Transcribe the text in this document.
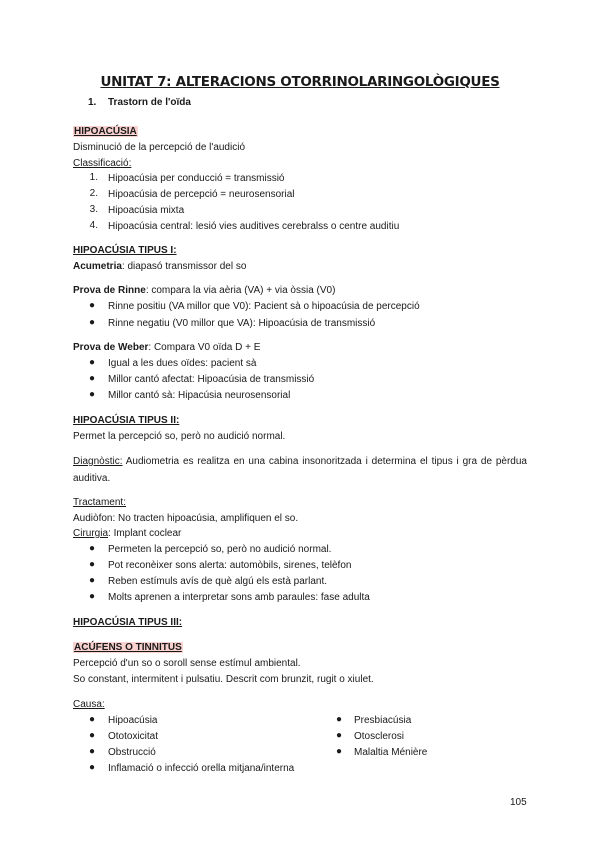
UNITAT 7: ALTERACIONS OTORRINOLARINGOLÒGIQUES
1. Trastorn de l'oïda
HIPOACÚSIA
Disminució de la percepció de l'audició
Classificació:
1. Hipoacúsia per conducció = transmissió
2. Hipoacúsia de percepció = neurosensorial
3. Hipoacúsia mixta
4. Hipoacúsia central: lesió vies auditives cerebralss o centre auditiu
HIPOACÚSIA TIPUS I:
Acumetria: diapasó transmissor del so
Prova de Rinne: compara la via aèria (VA) + via òssia (V0)
● Rinne positiu (VA millor que V0): Pacient sà o hipoacúsia de percepció
● Rinne negatiu (V0 millor que VA): Hipoacúsia de transmissió
Prova de Weber: Compara V0 oïda D + E
● Igual a les dues oïdes: pacient sà
● Millor cantó afectat: Hipoacúsia de transmissió
● Millor cantó sà: Hipacúsia neurosensorial
HIPOACÚSIA TIPUS II:
Permet la percepció so, però no audició normal.
Diagnòstic: Audiometria es realitza en una cabina insonoritzada i determina el tipus i gra de pèrdua auditiva.
Tractament:
Audiòfon: No tracten hipoacúsia, amplifiquen el so.
Cirurgia: Implant coclear
● Permeten la percepció so, però no audició normal.
● Pot reconèixer sons alerta: automòbils, sirenes, telèfon
● Reben estímuls avís de què algú els està parlant.
● Molts aprenen a interpretar sons amb paraules: fase adulta
HIPOACÚSIA TIPUS III:
ACÚFENS O TINNITUS
Percepció d'un so o soroll sense estímul ambiental.
So constant, intermitent i pulsatiu. Descrit com brunzit, rugit o xiulet.
Causa:
● Hipoacúsia
● Ototoxicitat
● Obstrucció
● Inflamació o infecció orella mitjana/interna
● Presbiacúsia
● Otosclerosi
● Malaltia Ménière
105
